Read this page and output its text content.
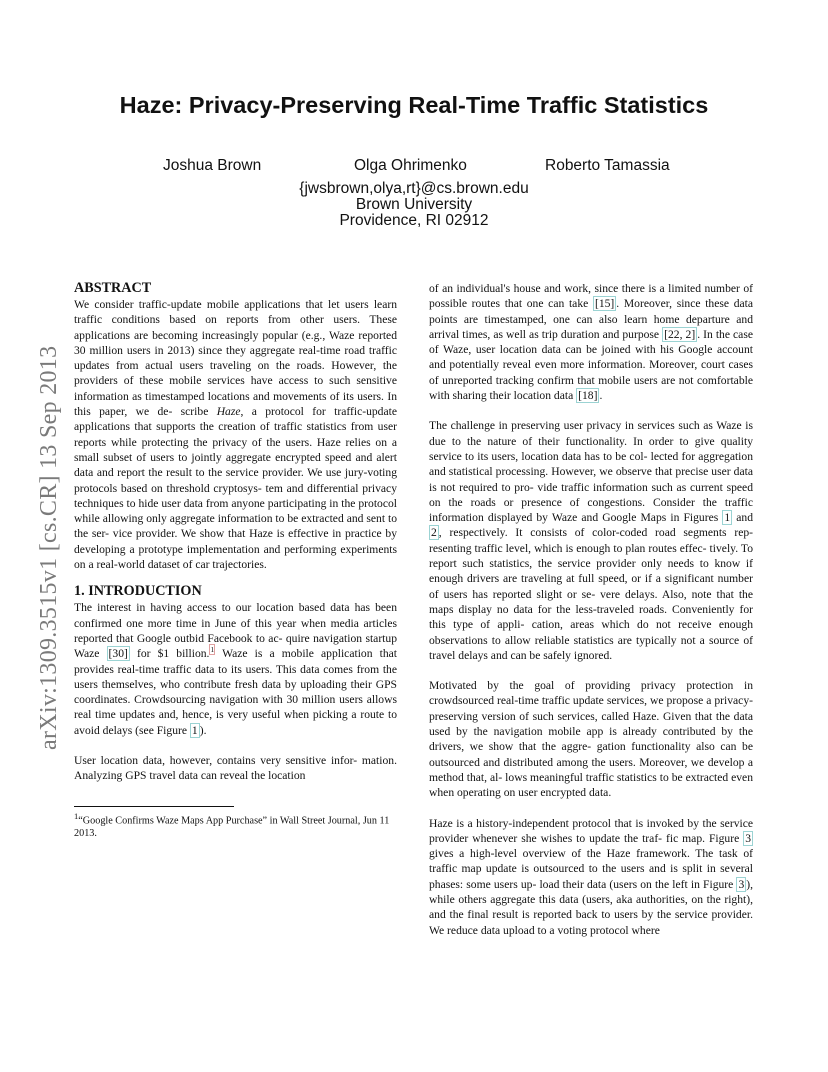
arXiv:1309.3515v1 [cs.CR] 13 Sep 2013
Haze: Privacy-Preserving Real-Time Traffic Statistics
Joshua Brown	Olga Ohrimenko	Roberto Tamassia
{jwsbrown,olya,rt}@cs.brown.edu
Brown University
Providence, RI 02912
ABSTRACT

We consider traffic-update mobile applications that let users learn traffic conditions based on reports from other users. These applications are becoming increasingly popular (e.g., Waze reported 30 million users in 2013) since they aggregate real-time road traffic updates from actual users traveling on the roads. However, the providers of these mobile services have access to such sensitive information as timestamped locations and movements of its users. In this paper, we de- scribe Haze, a protocol for traffic-update applications that supports the creation of traffic statistics from user reports while protecting the privacy of the users. Haze relies on a small subset of users to jointly aggregate encrypted speed and alert data and report the result to the service provider. We use jury-voting protocols based on threshold cryptosys- tem and differential privacy techniques to hide user data from anyone participating in the protocol while allowing only aggregate information to be extracted and sent to the ser- vice provider. We show that Haze is effective in practice by developing a prototype implementation and performing experiments on a real-world dataset of car trajectories.

1. INTRODUCTION

The interest in having access to our location based data has been confirmed one more time in June of this year when media articles reported that Google outbid Facebook to ac- quire navigation startup Waze [30] for $1 billion.$^1$ Waze is a mobile application that provides real-time traffic data to its users. This data comes from the users themselves, who contribute fresh data by uploading their GPS coordinates. Crowdsourcing navigation with 30 million users allows real time updates and, hence, is very useful when picking a route to avoid delays (see Figure 1 ).

User location data, however, contains very sensitive infor- mation. Analyzing GPS travel data can reveal the location

$^1$“Google Confirms Waze Maps App Purchase” in Wall Street Journal, Jun 11 2013.

of an individual's house and work, since there is a limited number of possible routes that one can take [15] . Moreover, since these data points are timestamped, one can also learn home departure and arrival times, as well as trip duration and purpose [22, 2] . In the case of Waze, user location data can be joined with his Google account and potentially reveal even more information. Moreover, court cases of unreported tracking confirm that mobile users are not comfortable with sharing their location data [18] .

The challenge in preserving user privacy in services such as Waze is due to the nature of their functionality. In order to give quality service to its users, location data has to be col- lected for aggregation and statistical processing. However, we observe that precise user data is not required to pro- vide traffic information such as current speed on the roads or presence of congestions. Consider the traffic information displayed by Waze and Google Maps in Figures 1 and 2 , respectively. It consists of color-coded road segments rep- resenting traffic level, which is enough to plan routes effec- tively. To report such statistics, the service provider only needs to know if enough drivers are traveling at full speed, or if a significant number of users has reported slight or se- vere delays. Also, note that the maps display no data for the less-traveled roads. Conveniently for this type of appli- cation, areas which do not receive enough observations to allow reliable statistics are typically not a source of travel delays and can be safely ignored.

Motivated by the goal of providing privacy protection in crowdsourced real-time traffic update services, we propose a privacy-preserving version of such services, called Haze. Given that the data used by the navigation mobile app is already contributed by the drivers, we show that the aggre- gation functionality also can be outsourced and distributed among the users. Moreover, we develop a method that, al- lows meaningful traffic statistics to be extracted even when operating on user encrypted data.

Haze is a history-independent protocol that is invoked by the service provider whenever she wishes to update the traf- fic map. Figure 3 gives a high-level overview of the Haze framework. The task of traffic map update is outsourced to the users and is split in several phases: some users up- load their data (users on the left in Figure 3 ), while others aggregate this data (users, aka authorities, on the right), and the final result is reported back to users by the service provider. We reduce data upload to a voting protocol where
